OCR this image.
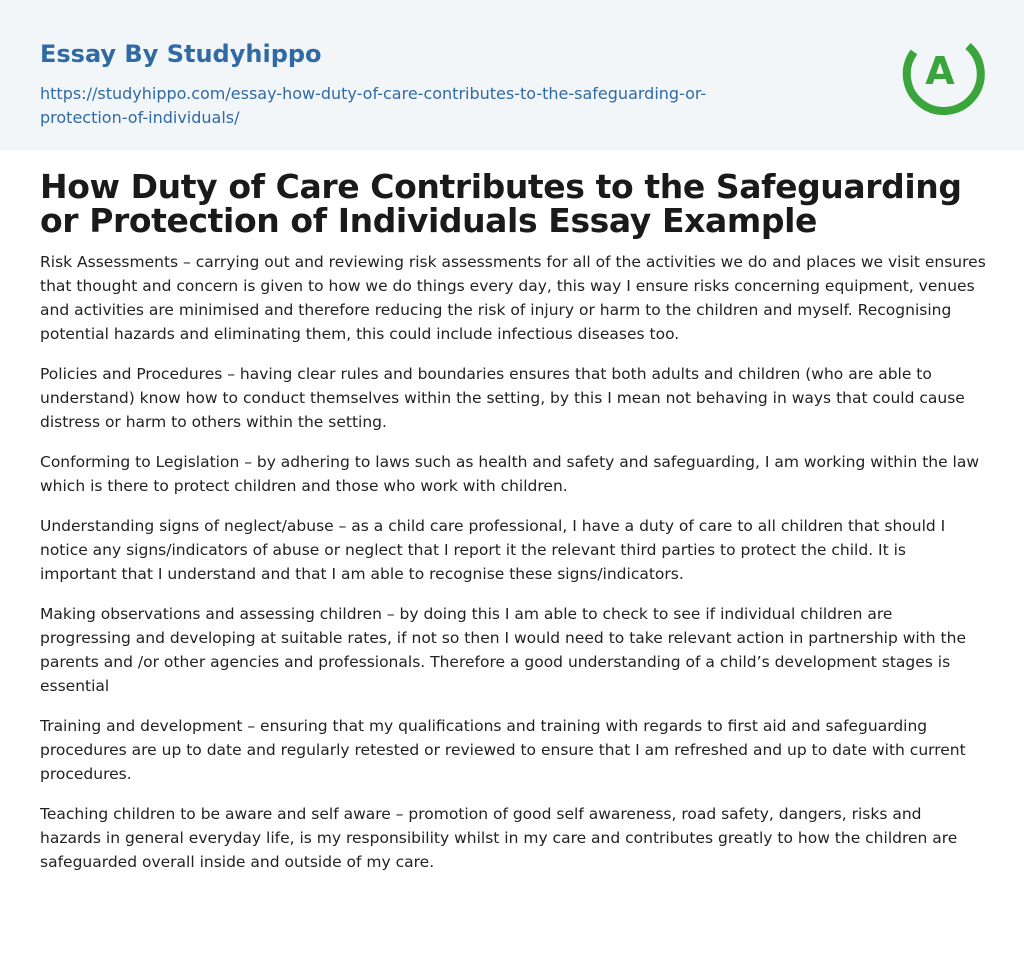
Essay By Studyhippo
https://studyhippo.com/essay-how-duty-of-care-contributes-to-the-safeguarding-or-protection-of-individuals/
A
How Duty of Care Contributes to the Safeguarding or Protection of Individuals Essay Example

Risk Assessments – carrying out and reviewing risk assessments for all of the activities we do and places we visit ensures that thought and concern is given to how we do things every day, this way I ensure risks concerning equipment, venues and activities are minimised and therefore reducing the risk of injury or harm to the children and myself. Recognising potential hazards and eliminating them, this could include infectious diseases too.

Policies and Procedures – having clear rules and boundaries ensures that both adults and children (who are able to understand) know how to conduct themselves within the setting, by this I mean not behaving in ways that could cause distress or harm to others within the setting.

Conforming to Legislation – by adhering to laws such as health and safety and safeguarding, I am working within the law which is there to protect children and those who work with children.

Understanding signs of neglect/abuse – as a child care professional, I have a duty of care to all children that should I notice any signs/indicators of abuse or neglect that I report it the relevant third parties to protect the child. It is important that I understand and that I am able to recognise these signs/indicators.

Making observations and assessing children – by doing this I am able to check to see if individual children are progressing and developing at suitable rates, if not so then I would need to take relevant action in partnership with the parents and /or other agencies and professionals. Therefore a good understanding of a child’s development stages is essential

Training and development – ensuring that my qualifications and training with regards to first aid and safeguarding procedures are up to date and regularly retested or reviewed to ensure that I am refreshed and up to date with current procedures.

Teaching children to be aware and self aware – promotion of good self awareness, road safety, dangers, risks and hazards in general everyday life, is my responsibility whilst in my care and contributes greatly to how the children are safeguarded overall inside and outside of my care.
